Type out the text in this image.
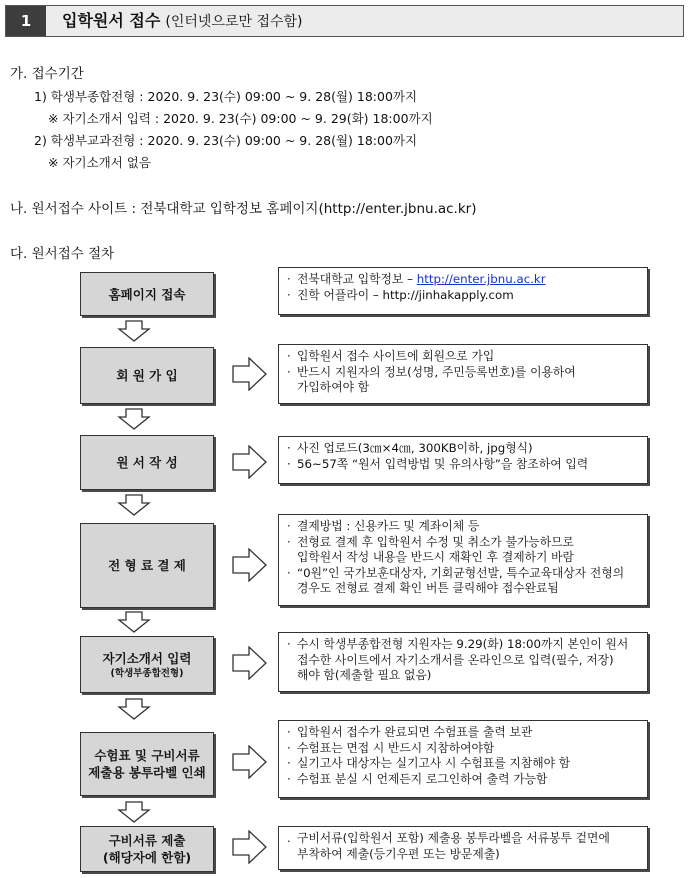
1	입학원서 접수 (인터넷으로만 접수함)
가. 접수기간
1) 학생부종합전형 : 2020. 9. 23(수) 09:00 ~ 9. 28(월) 18:00까지
※ 자기소개서 입력 : 2020. 9. 23(수) 09:00 ~ 9. 29(화) 18:00까지
2) 학생부교과전형 : 2020. 9. 23(수) 09:00 ~ 9. 28(월) 18:00까지
※ 자기소개서 없음
나. 원서접수 사이트 : 전북대학교 입학정보 홈페이지(http://enter.jbnu.ac.kr)
다. 원서접수 절차
홈페이지 접속
· 전북대학교 입학정보 – http://enter.jbnu.ac.kr
· 진학 어플라이 – http://jinhakapply.com
회 원 가 입
· 입학원서 접수 사이트에 회원으로 가입
· 반드시 지원자의 정보(성명, 주민등록번호)를 이용하여
가입하여야 함
원 서 작 성
· 사진 업로드(3㎝×4㎝, 300KB이하, jpg형식)
· 56~57쪽 “원서 입력방법 및 유의사항”을 참조하여 입력
전 형 료 결 제
· 결제방법 : 신용카드 및 계좌이체 등
· 전형료 결제 후 입학원서 수정 및 취소가 불가능하므로
입학원서 작성 내용을 반드시 재확인 후 결제하기 바람
· “0원”인 국가보훈대상자, 기회균형선발, 특수교육대상자 전형의
경우도 전형료 결제 확인 버튼 클릭해야 접수완료됨
자기소개서 입력
(학생부종합전형)
· 수시 학생부종합전형 지원자는 9.29(화) 18:00까지 본인이 원서
접수한 사이트에서 자기소개서를 온라인으로 입력(필수, 저장)
해야 함(제출할 필요 없음)
수험표 및 구비서류
제출용 봉투라벨 인쇄
· 입학원서 접수가 완료되면 수험표를 출력 보관
· 수험표는 면접 시 반드시 지참하여야함
· 실기고사 대상자는 실기고사 시 수험표를 지참해야 함
· 수험표 분실 시 언제든지 로그인하여 출력 가능함
구비서류 제출
(해당자에 한함)
. 구비서류(입학원서 포함) 제출용 봉투라벨을 서류봉투 겉면에
부착하여 제출(등기우편 또는 방문제출)
